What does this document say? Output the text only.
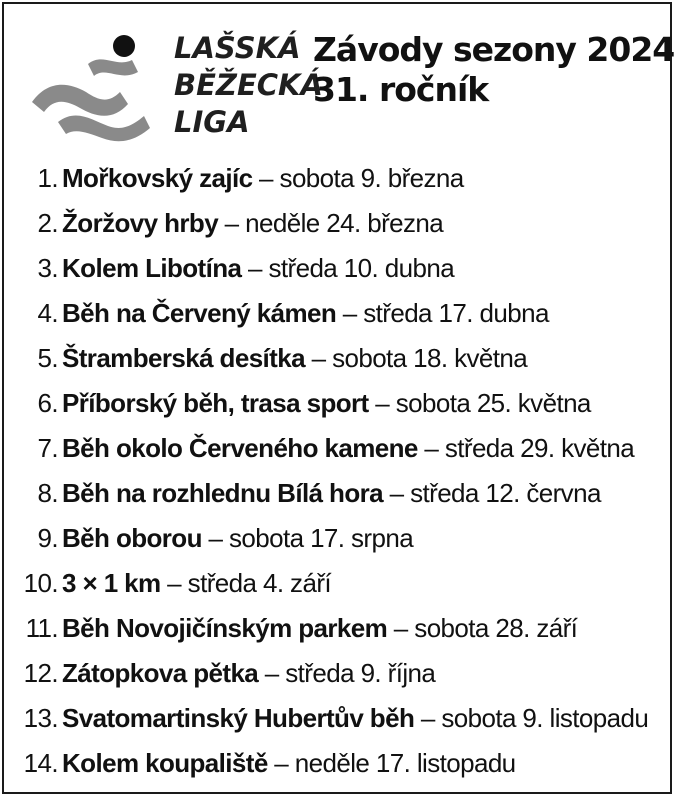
LAŠSKÁ
BĚŽECKÁ
LIGA
Závody sezony 2024
31. ročník
1. Mořkovský zajíc – sobota 9. března
2. Žoržovy hrby – neděle 24. března
3. Kolem Libotína – středa 10. dubna
4. Běh na Červený kámen – středa 17. dubna
5. Štramberská desítka – sobota 18. května
6. Příborský běh, trasa sport – sobota 25. května
7. Běh okolo Červeného kamene – středa 29. května
8. Běh na rozhlednu Bílá hora – středa 12. června
9. Běh oborou – sobota 17. srpna
10. 3 × 1 km – středa 4. září
11. Běh Novojičínským parkem – sobota 28. září
12. Zátopkova pětka – středa 9. října
13. Svatomartinský Hubertův běh – sobota 9. listopadu
14. Kolem koupaliště – neděle 17. listopadu
